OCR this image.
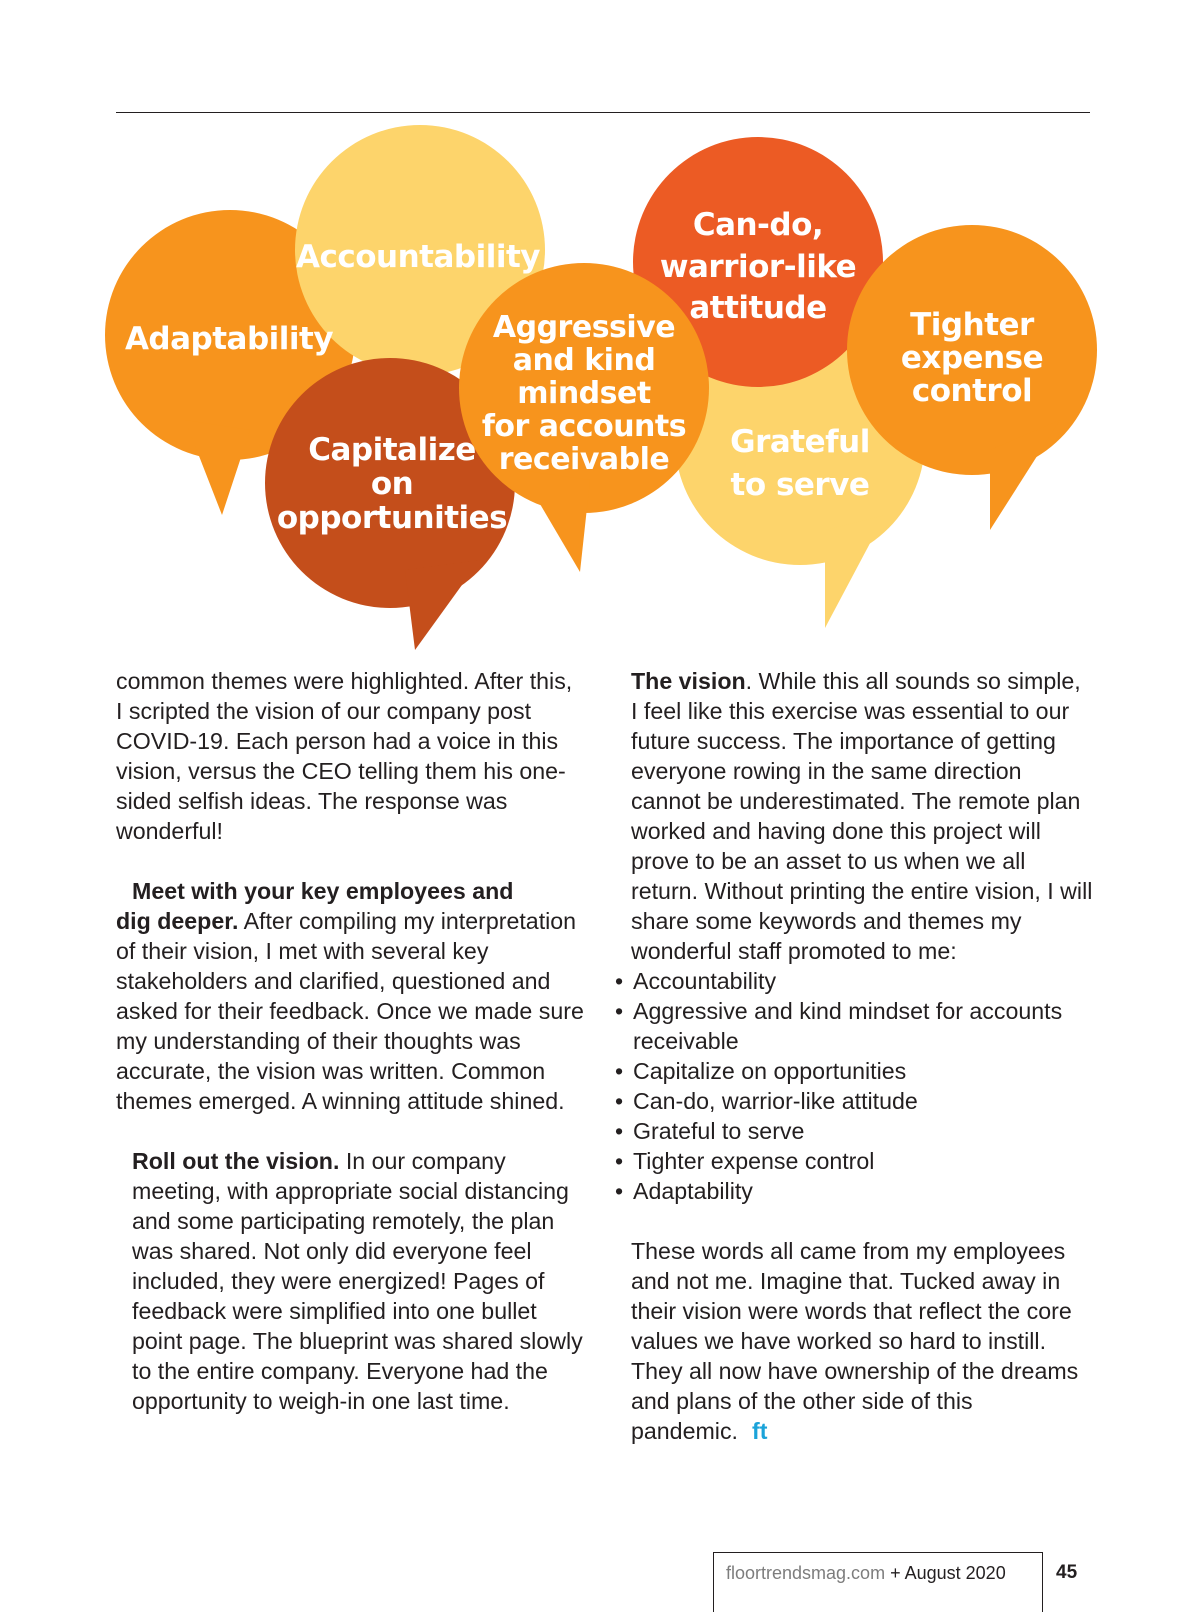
Adaptability
Accountability
Capitalize
on
opportunities
Aggressive
and kind
mindset
for accounts
receivable
Can-do,
warrior-like
attitude
Grateful
to serve
Tighter
expense
control

common themes were highlighted. After this, I scripted the vision of our company post COVID-19. Each person had a voice in this vision, versus the CEO telling them his one-sided selfish ideas. The response was wonderful!

Meet with your key employees and

dig deeper. After compiling my interpretation of their vision, I met with several key stakeholders and clarified, questioned and asked for their feedback. Once we made sure my understanding of their thoughts was accurate, the vision was written. Common themes emerged. A winning attitude shined.

Roll out the vision. In our company meeting, with appropriate social distancing and some participating remotely, the plan was shared. Not only did everyone feel included, they were energized! Pages of feedback were simplified into one bullet point page. The blueprint was shared slowly to the entire company. Everyone had the opportunity to weigh-in one last time.

The vision. While this all sounds so simple, I feel like this exercise was essential to our future success. The importance of getting everyone rowing in the same direction cannot be underestimated. The remote plan worked and having done this project will prove to be an asset to us when we all return. Without printing the entire vision, I will share some keywords and themes my wonderful staff promoted to me:

• Accountability
• Aggressive and kind mindset for accounts receivable
• Capitalize on opportunities
• Can-do, warrior-like attitude
• Grateful to serve
• Tighter expense control
• Adaptability

These words all came from my employees and not me. Imagine that. Tucked away in their vision were words that reflect the core values we have worked so hard to instill. They all now have ownership of the dreams and plans of the other side of this pandemic. ft

floortrendsmag.com + August 2020	45
